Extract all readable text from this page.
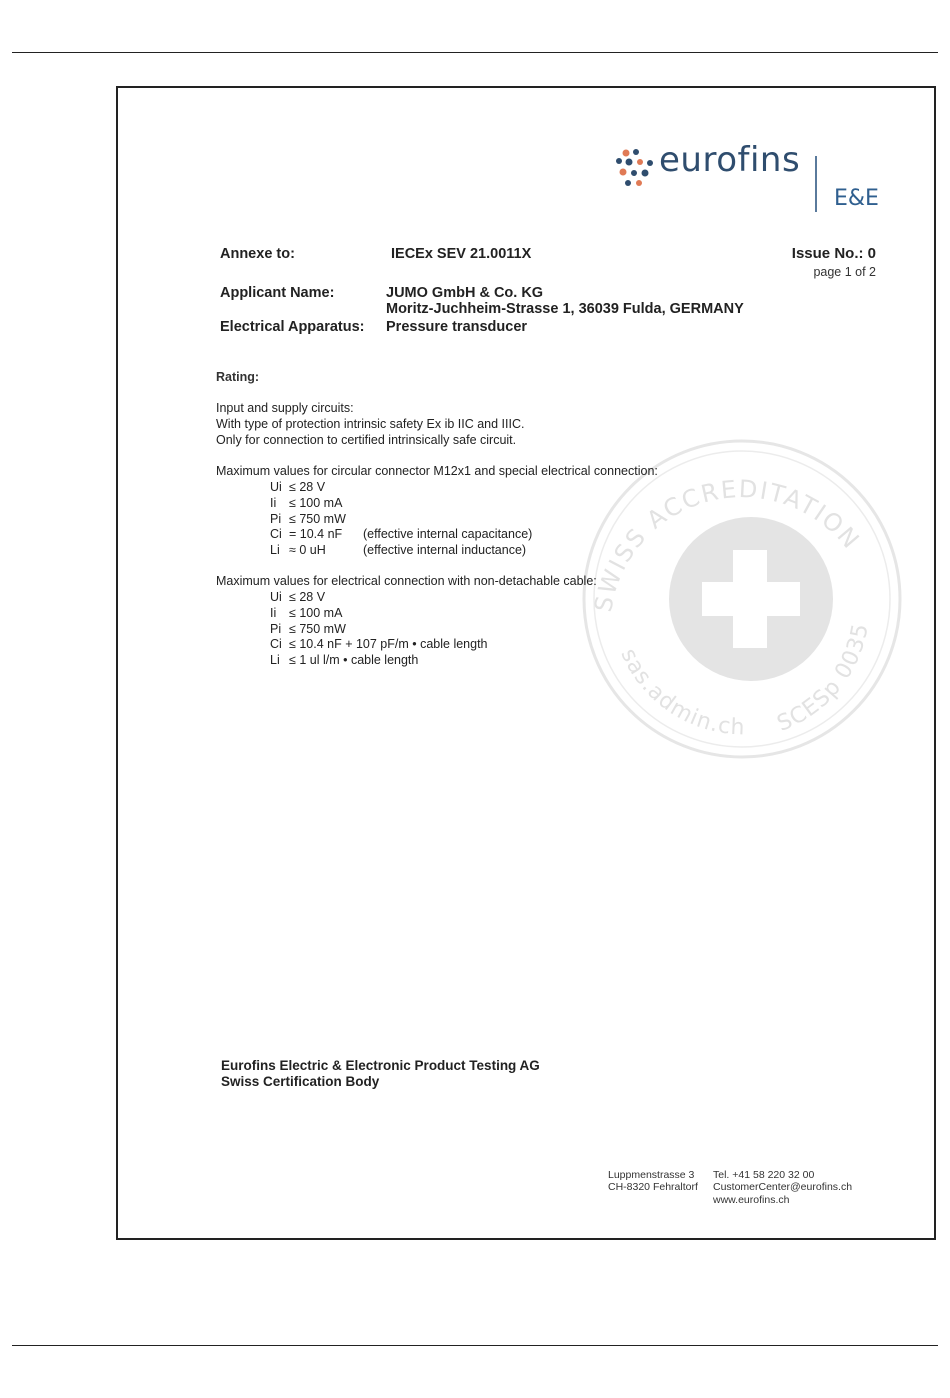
SWISS ACCREDITATION
sas.admin.ch SCESp 0035
eurofins
E&E
Annexe to:	IECEx SEV 21.0011X	Issue No.: 0
page 1 of 2
Applicant Name:	JUMO GmbH & Co. KG
Moritz-Juchheim-Strasse 1, 36039 Fulda, GERMANY
Electrical Apparatus: Pressure transducer
Rating:
Input and supply circuits:
With type of protection intrinsic safety Ex ib IIC and IIIC.
Only for connection to certified intrinsically safe circuit.
Maximum values for circular connector M12x1 and special electrical connection:
Ui ≤ 28 V
Ii ≤ 100 mA
Pi ≤ 750 mW
Ci = 10.4 nF (effective internal capacitance)
Li ≈ 0 uH	(effective internal inductance)
Maximum values for electrical connection with non-detachable cable:
Ui ≤ 28 V
Ii ≤ 100 mA
Pi ≤ 750 mW
Ci ≤ 10.4 nF + 107 pF/m • cable length
Li ≤ 1 ul l/m • cable length
Eurofins Electric & Electronic Product Testing AG
Swiss Certification Body
Luppmenstrasse 3
CH-8320 Fehraltorf
Tel. +41 58 220 32 00
CustomerCenter@eurofins.ch
www.eurofins.ch
